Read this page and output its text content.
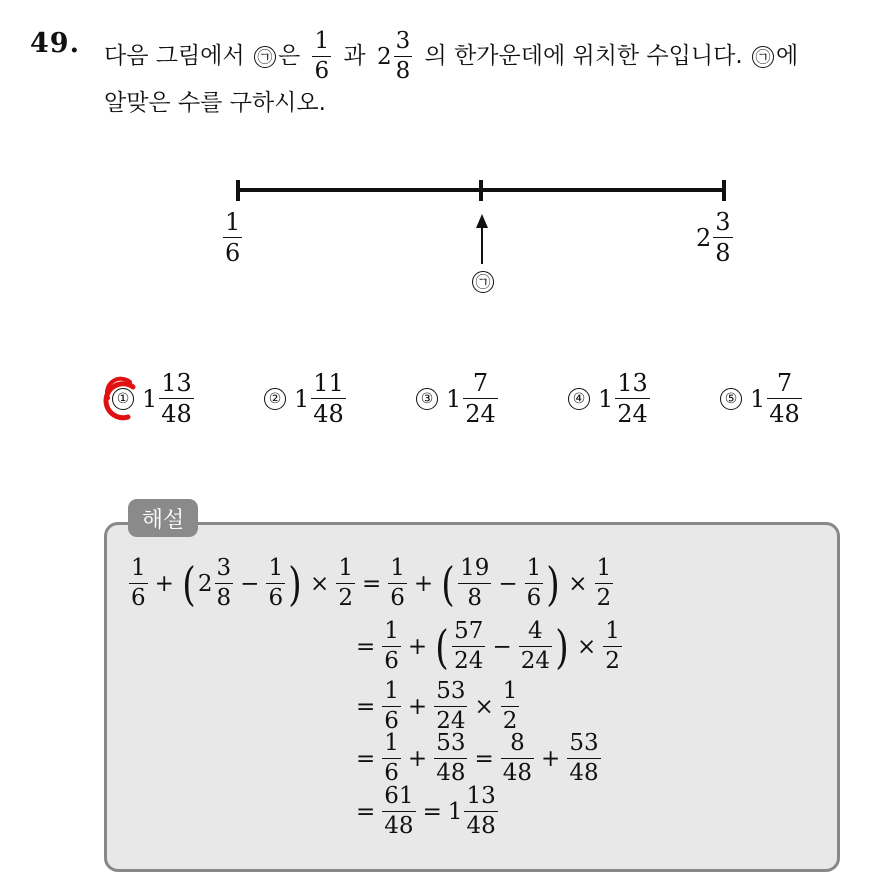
49. 다음 그림에서 ㉠ 은 $\frac{1}{6}$ 과 $2 \frac{3}{8}$ 의 한가운데에 위치한 수입니다. ㉠ 에
알맞은 수를 구하시오.
$\frac{1}{6}$	$2 \frac{3}{8}$
㉠
① $1 \frac{13}{48}$	② $1 \frac{11}{48}$	③ $1 \frac{7}{24}$	④ $1 \frac{13}{24}$	⑤ $1 \frac{7}{48}$
해설
$\frac{1}{6}$ + ( $2 \frac{3}{8} - \frac{1}{6}$ ) × $\frac{1}{2} = \frac{1}{6}$ + ( $\frac{19}{8} - \frac{1}{6}$ ) × $\frac{1}{2}$
= $\frac{1}{6}$ + ( $\frac{57}{24} - \frac{4}{24}$ ) × $\frac{1}{2}$
= $\frac{1}{6} + \frac{53}{24} \times \frac{1}{2}$
= $\frac{1}{6} + \frac{53}{48} = \frac{8}{48} + \frac{53}{48}$
= $\frac{61}{48} = 1 \frac{13}{48}$
